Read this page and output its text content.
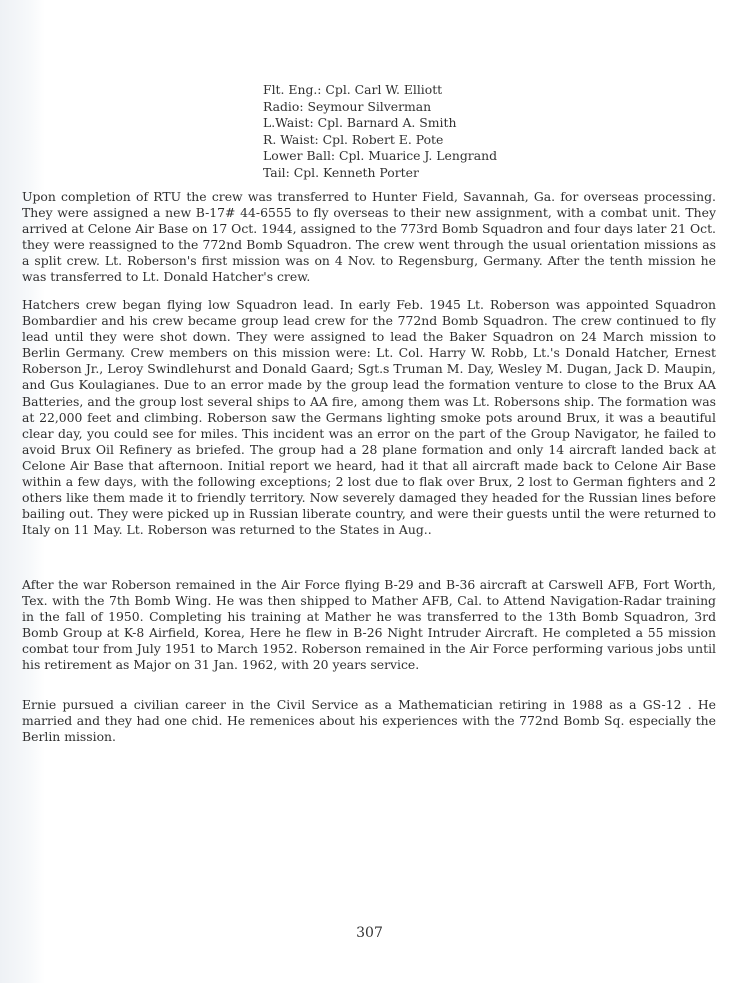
Flt. Eng.: Cpl. Carl W. Elliott
Radio: Seymour Silverman
L.Waist: Cpl. Barnard A. Smith
R. Waist: Cpl. Robert E. Pote
Lower Ball: Cpl. Muarice J. Lengrand
Tail: Cpl. Kenneth Porter

Upon completion of RTU the crew was transferred to Hunter Field, Savannah, Ga. for overseas processing. They were assigned a new B-17# 44-6555 to fly overseas to their new assignment, with a combat unit. They arrived at Celone Air Base on 17 Oct. 1944, assigned to the 773rd Bomb Squadron and four days later 21 Oct. they were reassigned to the 772nd Bomb Squadron. The crew went through the usual orientation missions as a split crew. Lt. Roberson's first mission was on 4 Nov. to Regensburg, Germany. After the tenth mission he was transferred to Lt. Donald Hatcher's crew.

Hatchers crew began flying low Squadron lead. In early Feb. 1945 Lt. Roberson was appointed Squadron Bombardier and his crew became group lead crew for the 772nd Bomb Squadron. The crew continued to fly lead until they were shot down. They were assigned to lead the Baker Squadron on 24 March mission to Berlin Germany. Crew members on this mission were: Lt. Col. Harry W. Robb, Lt.'s Donald Hatcher, Ernest Roberson Jr., Leroy Swindlehurst and Donald Gaard; Sgt.s Truman M. Day, Wesley M. Dugan, Jack D. Maupin, and Gus Koulagianes. Due to an error made by the group lead the formation venture to close to the Brux AA Batteries, and the group lost several ships to AA fire, among them was Lt. Robersons ship. The formation was at 22,000 feet and climbing. Roberson saw the Germans lighting smoke pots around Brux, it was a beautiful clear day, you could see for miles. This incident was an error on the part of the Group Navigator, he failed to avoid Brux Oil Refinery as briefed. The group had a 28 plane formation and only 14 aircraft landed back at Celone Air Base that afternoon. Initial report we heard, had it that all aircraft made back to Celone Air Base within a few days, with the following exceptions; 2 lost due to flak over Brux, 2 lost to German fighters and 2 others like them made it to friendly territory. Now severely damaged they headed for the Russian lines before bailing out. They were picked up in Russian liberate country, and were their guests until the were returned to Italy on 11 May. Lt. Roberson was returned to the States in Aug..

After the war Roberson remained in the Air Force flying B-29 and B-36 aircraft at Carswell AFB, Fort Worth, Tex. with the 7th Bomb Wing. He was then shipped to Mather AFB, Cal. to Attend Navigation-Radar training in the fall of 1950. Completing his training at Mather he was transferred to the 13th Bomb Squadron, 3rd Bomb Group at K-8 Airfield, Korea, Here he flew in B-26 Night Intruder Aircraft. He completed a 55 mission combat tour from July 1951 to March 1952. Roberson remained in the Air Force performing various jobs until his retirement as Major on 31 Jan. 1962, with 20 years service.

Ernie pursued a civilian career in the Civil Service as a Mathematician retiring in 1988 as a GS-12 . He married and they had one chid. He remenices about his experiences with the 772nd Bomb Sq. especially the Berlin mission.

307
